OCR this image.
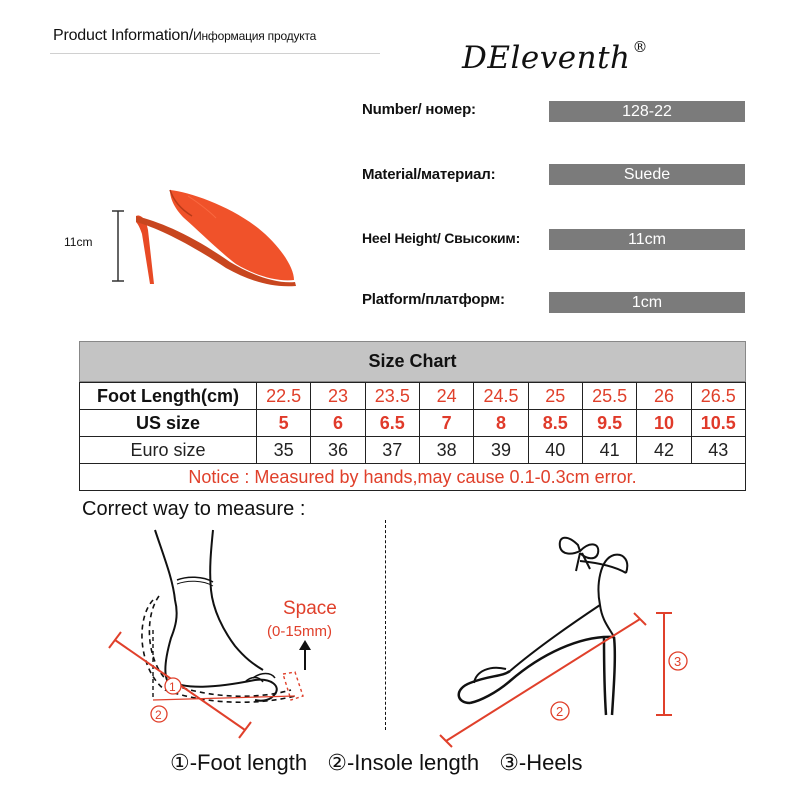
Product Information/Информация продукта
DEleventh ®
11cm
Number/ номер:	128-22
Material/материал:	Suede
Heel Height/ Свысоким:	11cm
Platform/платформ:	1cm
Size Chart
Foot Length(cm)	22.5	23	23.5	24	24.5	25	25.5	26	26.5
US size	5	6	6.5	7	8	8.5	9.5	10	10.5
Euro size	35	36	37	38	39	40	41	42	43
Notice : Measured by hands,may cause 0.1-0.3cm error.									
Correct way to measure :
Space
(0-15mm)
1
2	2
3
①-Foot length ②-Insole length ③-Heels
